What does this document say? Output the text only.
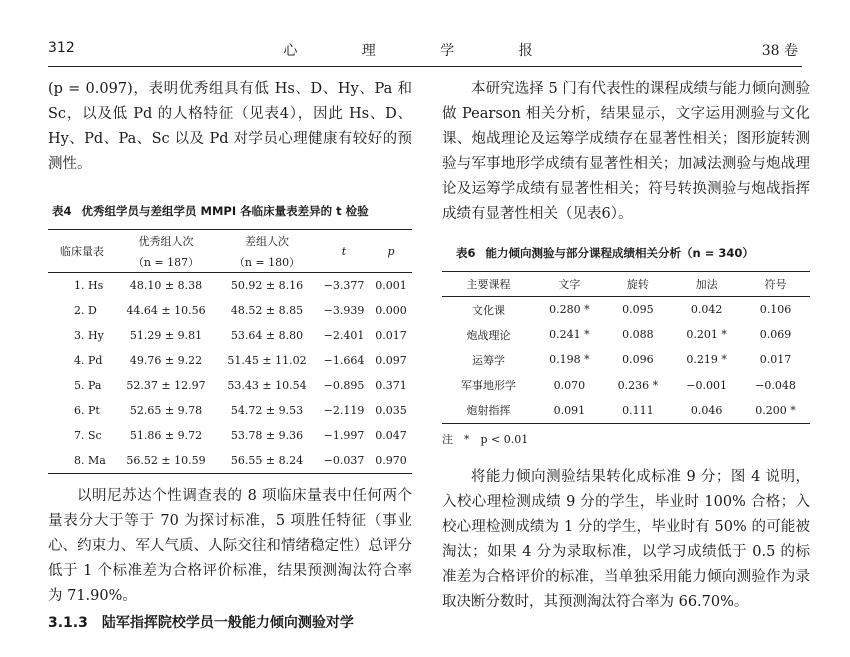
312	心 理 学 报	38 卷

(p = 0.097)，表明优秀组具有低 Hs、D、Hy、Pa 和 Sc，以及低 Pd 的人格特征（见表4），因此 Hs、D、Hy、Pd、Pa、Sc 以及 Pd 对学员心理健康有较好的预测性。

表4 优秀组学员与差组学员 MMPI 各临床量表差异的 t 检验
临床量表	优秀组人次	差组人次	t	p
	（n = 187）	（n = 180）		
1. Hs	48.10 ± 8.38	50.92 ± 8.16	−3.377	0.001
2. D	44.64 ± 10.56	48.52 ± 8.85	−3.939	0.000
3. Hy	51.29 ± 9.81	53.64 ± 8.80	−2.401	0.017
4. Pd	49.76 ± 9.22	51.45 ± 11.02	−1.664	0.097
5. Pa	52.37 ± 12.97	53.43 ± 10.54	−0.895	0.371
6. Pt	52.65 ± 9.78	54.72 ± 9.53	−2.119	0.035
7. Sc	51.86 ± 9.72	53.78 ± 9.36	−1.997	0.047
8. Ma	56.52 ± 10.59	56.55 ± 8.24	−0.037	0.970

以明尼苏达个性调查表的 8 项临床量表中任何两个量表分大于等于 70 为探讨标准，5 项胜任特征（事业心、约束力、军人气质、人际交往和情绪稳定性）总评分低于 1 个标准差为合格评价标准，结果预测淘汰符合率为 71.90%。

3.1.3　陆军指挥院校学员一般能力倾向测验对学

本研究选择 5 门有代表性的课程成绩与能力倾向测验做 Pearson 相关分析，结果显示，文字运用测验与文化课、炮战理论及运筹学成绩存在显著性相关；图形旋转测验与军事地形学成绩有显著性相关；加减法测验与炮战理论及运筹学成绩有显著性相关；符号转换测验与炮战指挥成绩有显著性相关（见表6）。

表6 能力倾向测验与部分课程成绩相关分析（n = 340）
主要课程	文字	旋转	加法	符号
文化课	0.280 *	0.095	0.042	0.106
炮战理论	0.241 *	0.088	0.201 *	0.069
运筹学	0.198 *	0.096	0.219 *	0.017
军事地形学	0.070	0.236 *	−0.001	−0.048
炮射指挥	0.091	0.111	0.046	0.200 *
注　*　p < 0.01

将能力倾向测验结果转化成标准 9 分；图 4 说明，入校心理检测成绩 9 分的学生，毕业时 100% 合格；入校心理检测成绩为 1 分的学生，毕业时有 50% 的可能被淘汰；如果 4 分为录取标准，以学习成绩低于 0.5 的标准差为合格评价的标准，当单独采用能力倾向测验作为录取决断分数时，其预测淘汰符合率为 66.70%。
